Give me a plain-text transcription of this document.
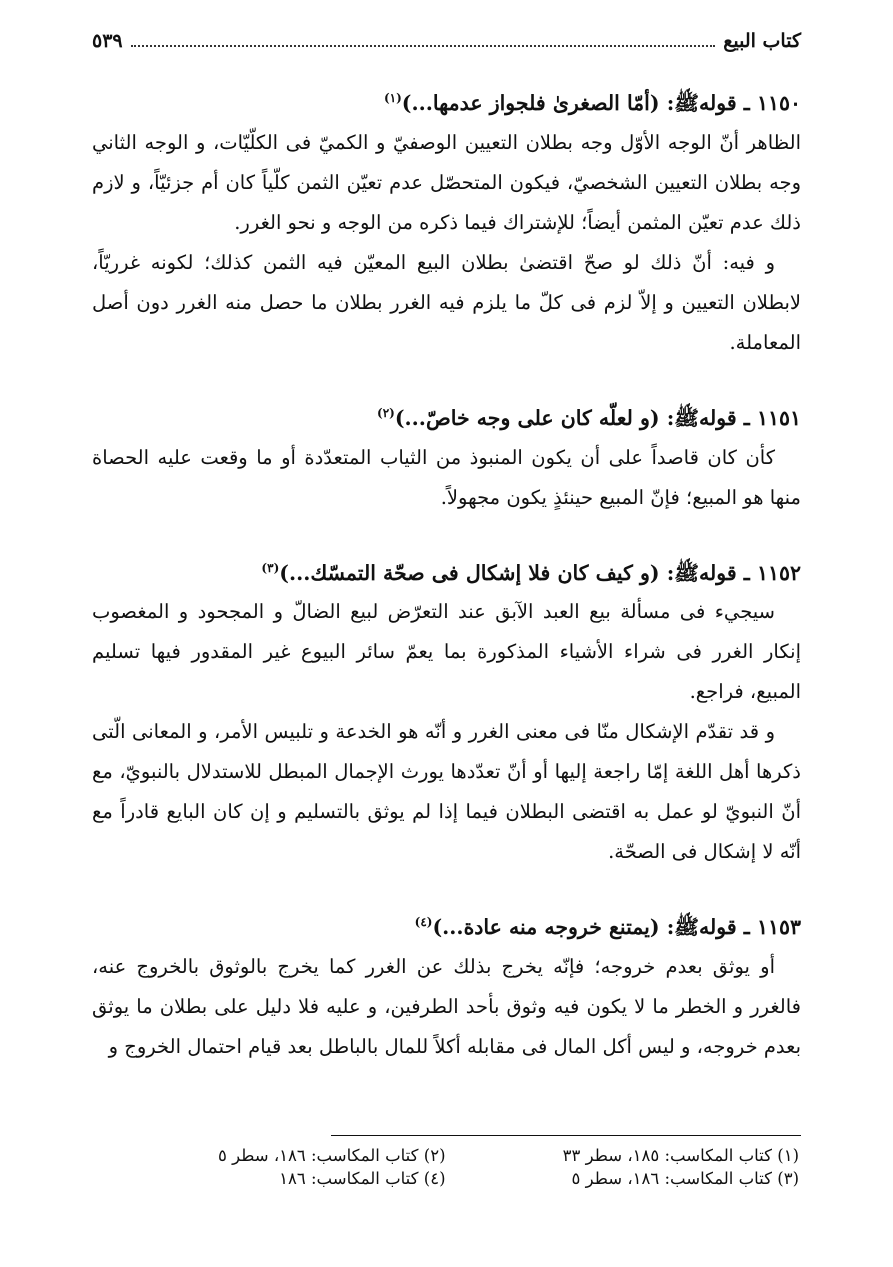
كتاب البيع
٥٣٩
١١٥٠ ـ قوله‌ﷺ: (أمّا الصغرىٰ فلجواز عدمها...)$^{(١)}$

الظاهر أنّ الوجه الأوّل وجه بطلان التعيين الوصفيّ و الكميّ فى الكلّيّات، و الوجه الثاني وجه بطلان التعيين الشخصيّ، فيكون المتحصّل عدم تعيّن الثمن كلّياً كان أم جزئيّاً، و لازم ذلك عدم تعيّن المثمن أيضاً؛ للإشتراك فيما ذكره من الوجه و نحو الغرر.

و فيه: أنّ ذلك لو صحّ اقتضىٰ بطلان البيع المعيّن فيه الثمن كذلك؛ لكونه غرريّاً، لابطلان التعيين و إلاّ لزم فى كلّ ما يلزم فيه الغرر بطلان ما حصل منه الغرر دون أصل المعاملة.

١١٥١ ـ قوله‌ﷺ: (و لعلّه كان على وجه خاصّ...)$^{(٢)}$

كأن كان قاصداً على أن يكون المنبوذ من الثياب المتعدّدة أو ما وقعت عليه الحصاة منها هو المبيع؛ فإنّ المبيع حينئذٍ يكون مجهولاً.

١١٥٢ ـ قوله‌ﷺ: (و كيف كان فلا إشكال فى صحّة التمسّك...)$^{(٣)}$

سيجيء فى مسألة بيع العبد الآبق عند التعرّض لبيع الضالّ و المجحود و المغصوب إنكار الغرر فى شراء الأشياء المذكورة بما يعمّ سائر البيوع غير المقدور فيها تسليم المبيع، فراجع.

و قد تقدّم الإشكال منّا فى معنى الغرر و أنّه هو الخدعة و تلبيس الأمر، و المعانى الّتى ذكرها أهل اللغة إمّا راجعة إليها أو أنّ تعدّدها يورث الإجمال المبطل للاستدلال بالنبويّ، مع أنّ النبويّ لو عمل به اقتضى البطلان فيما إذا لم يوثق بالتسليم و إن كان البايع قادراً مع أنّه لا إشكال فى الصحّة.

١١٥٣ ـ قوله‌ﷺ: (يمتنع خروجه منه عادة...)$^{(٤)}$

أو يوثق بعدم خروجه؛ فإنّه يخرج بذلك عن الغرر كما يخرج بالوثوق بالخروج عنه، فالغرر و الخطر ما لا يكون فيه وثوق بأحد الطرفين، و عليه فلا دليل على بطلان ما يوثق بعدم خروجه، و ليس أكل المال فى مقابله أكلاً للمال بالباطل بعد قيام احتمال الخروج و

(١) كتاب المكاسب: ١٨٥، سطر ٣٣
(٢) كتاب المكاسب: ١٨٦، سطر ٥
(٣) كتاب المكاسب: ١٨٦، سطر ٥
(٤) كتاب المكاسب: ١٨٦
